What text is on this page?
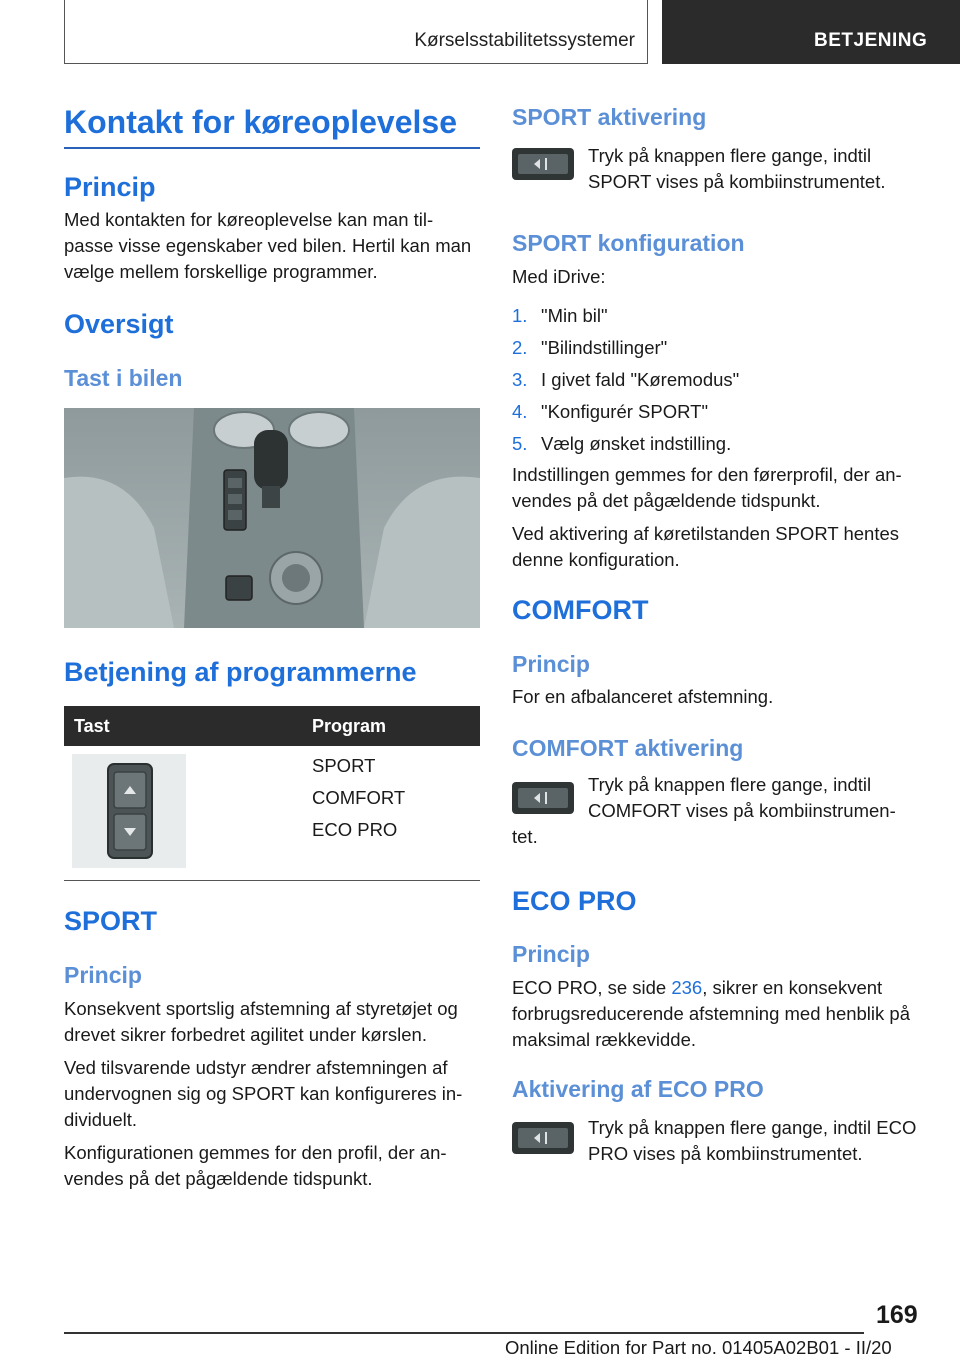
Kørselsstabilitetssystemer	BETJENING
Kontakt for køreoplevelse
Princip

Med kontakten for køreoplevelse kan man til-

passe visse egenskaber ved bilen. Hertil kan man

vælge mellem forskellige programmer.

Oversigt
Tast i bilen
Betjening af programmerne
Tast	Program

SPORT
COMFORT
ECO PRO
SPORT
Princip

Konsekvent sportslig afstemning af styretøjet og

drevet sikrer forbedret agilitet under kørslen.

Ved tilsvarende udstyr ændrer afstemningen af

undervognen sig og SPORT kan konfigureres in-

dividuelt.

Konfigurationen gemmes for den profil, der an-

vendes på det pågældende tidspunkt.

SPORT aktivering

Tryk på knappen flere gange, indtil

SPORT vises på kombiinstrumentet.

SPORT konfiguration

Med iDrive:

1. "Min bil"
2. "Bilindstillinger"
3. I givet fald "Køremodus"
4. "Konfigurér SPORT"
5. Vælg ønsket indstilling.

Indstillingen gemmes for den førerprofil, der an-

vendes på det pågældende tidspunkt.

Ved aktivering af køretilstanden SPORT hentes

denne konfiguration.

COMFORT
Princip

For en afbalanceret afstemning.

COMFORT aktivering

Tryk på knappen flere gange, indtil

COMFORT vises på kombiinstrumen-

tet.

ECO PRO
Princip

ECO PRO, se side 236, sikrer en konsekvent

forbrugsreducerende afstemning med henblik på

maksimal rækkevidde.

Aktivering af ECO PRO

Tryk på knappen flere gange, indtil ECO

PRO vises på kombiinstrumentet.

169
Online Edition for Part no. 01405A02B01 - II/20
